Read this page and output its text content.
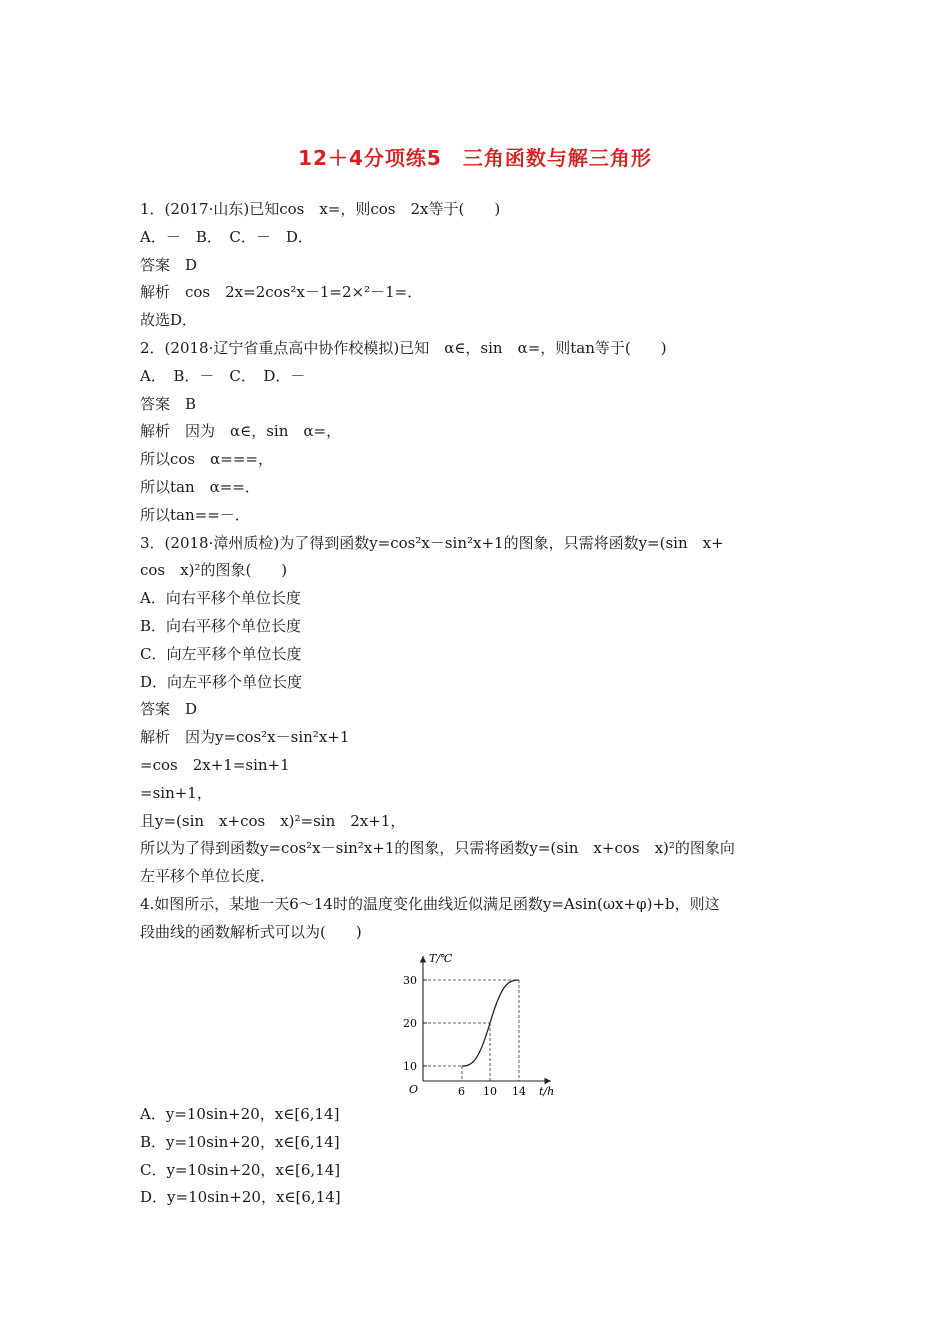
12＋4分项练5　三角函数与解三角形
1．(2017·山东)已知cos　x=，则cos　2x等于(　　)
A．－　B．　C．－　D．
答案　D
解析　cos　2x=2cos²x－1=2×²－1=．
故选D．
2．(2018·辽宁省重点高中协作校模拟)已知　α∈，sin　α=，则tan等于(　　)
A．　B．－　C．　D．－
答案　B
解析　因为　α∈，sin　α=，
所以cos　α===，
所以tan　α==．
所以tan==－．
3．(2018·漳州质检)为了得到函数y=cos²x－sin²x+1的图象，只需将函数y=(sin　x+
cos　x)²的图象(　　)
A．向右平移个单位长度
B．向右平移个单位长度
C．向左平移个单位长度
D．向左平移个单位长度
答案　D
解析　因为y=cos²x－sin²x+1
=cos　2x+1=sin+1
=sin+1，
且y=(sin　x+cos　x)²=sin　2x+1，
所以为了得到函数y=cos²x－sin²x+1的图象，只需将函数y=(sin　x+cos　x)²的图象向
左平移个单位长度．
4.如图所示，某地一天6～14时的温度变化曲线近似满足函数y=Asin(ωx+φ)+b，则这
段曲线的函数解析式可以为(　　)
T/℃
t/h
O
30
20
10
6 10 14
A．y=10sin+20，x∈[6,14]
B．y=10sin+20，x∈[6,14]
C．y=10sin+20，x∈[6,14]
D．y=10sin+20，x∈[6,14]
